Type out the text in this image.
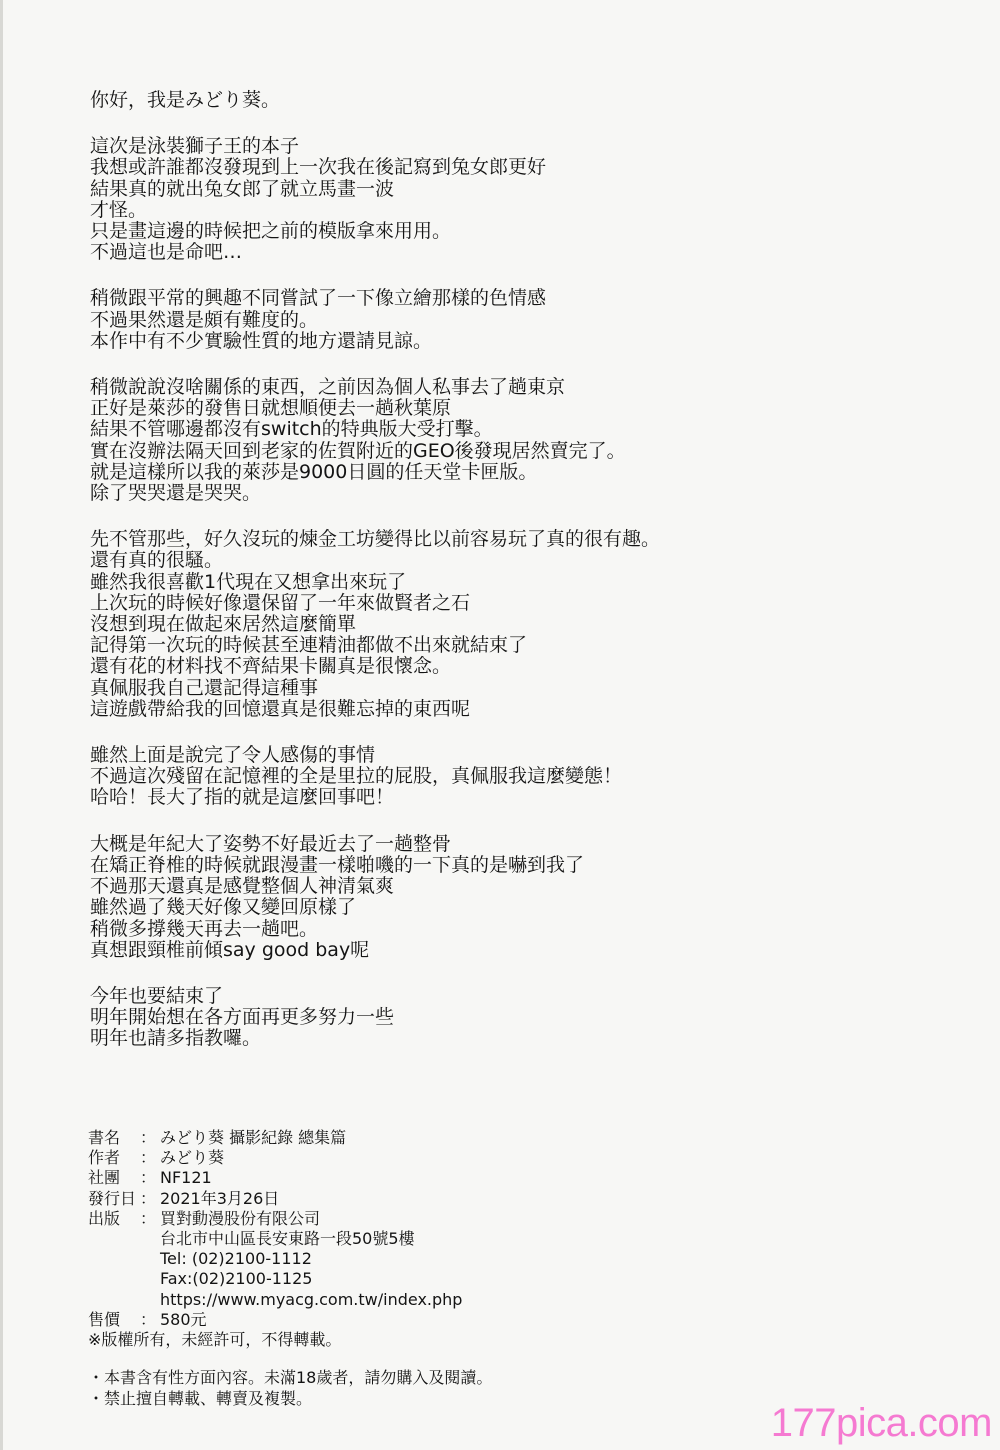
你好，我是みどり葵。
這次是泳裝獅子王的本子
我想或許誰都沒發現到上一次我在後記寫到兔女郎更好
結果真的就出兔女郎了就立馬畫一波
才怪。
只是畫這邊的時候把之前的模版拿來用用。
不過這也是命吧…
稍微跟平常的興趣不同嘗試了一下像立繪那樣的色情感
不過果然還是頗有難度的。
本作中有不少實驗性質的地方還請見諒。
稍微說說沒啥關係的東西，之前因為個人私事去了趟東京
正好是萊莎的發售日就想順便去一趟秋葉原
結果不管哪邊都沒有switch的特典版大受打擊。
實在沒辦法隔天回到老家的佐賀附近的GEO後發現居然賣完了。
就是這樣所以我的萊莎是9000日圓的任天堂卡匣版。
除了哭哭還是哭哭。
先不管那些，好久沒玩的煉金工坊變得比以前容易玩了真的很有趣。
還有真的很騷。
雖然我很喜歡1代現在又想拿出來玩了
上次玩的時候好像還保留了一年來做賢者之石
沒想到現在做起來居然這麼簡單
記得第一次玩的時候甚至連精油都做不出來就結束了
還有花的材料找不齊結果卡關真是很懷念。
真佩服我自己還記得這種事
這遊戲帶給我的回憶還真是很難忘掉的東西呢
雖然上面是說完了令人感傷的事情
不過這次殘留在記憶裡的全是里拉的屁股，真佩服我這麼變態！
哈哈！長大了指的就是這麼回事吧！
大概是年紀大了姿勢不好最近去了一趟整骨
在矯正脊椎的時候就跟漫畫一樣啪嘰的一下真的是嚇到我了
不過那天還真是感覺整個人神清氣爽
雖然過了幾天好像又變回原樣了
稍微多撐幾天再去一趟吧。
真想跟頸椎前傾say good bay呢
今年也要結束了
明年開始想在各方面再更多努力一些
明年也請多指教囉。
書名	： みどり葵 攝影紀錄 總集篇
作者	： みどり葵
社團	： NF121
發行日 ： 2021年3月26日
出版	： 買對動漫股份有限公司
台北市中山區長安東路一段50號5樓
Tel: (02)2100-1112
Fax:(02)2100-1125
https://www.myacg.com.tw/index.php
售價	： 580元
※版權所有，未經許可，不得轉載。
・本書含有性方面內容。未滿18歲者，請勿購入及閱讀。
・禁止擅自轉載、轉賣及複製。
177pica.com
